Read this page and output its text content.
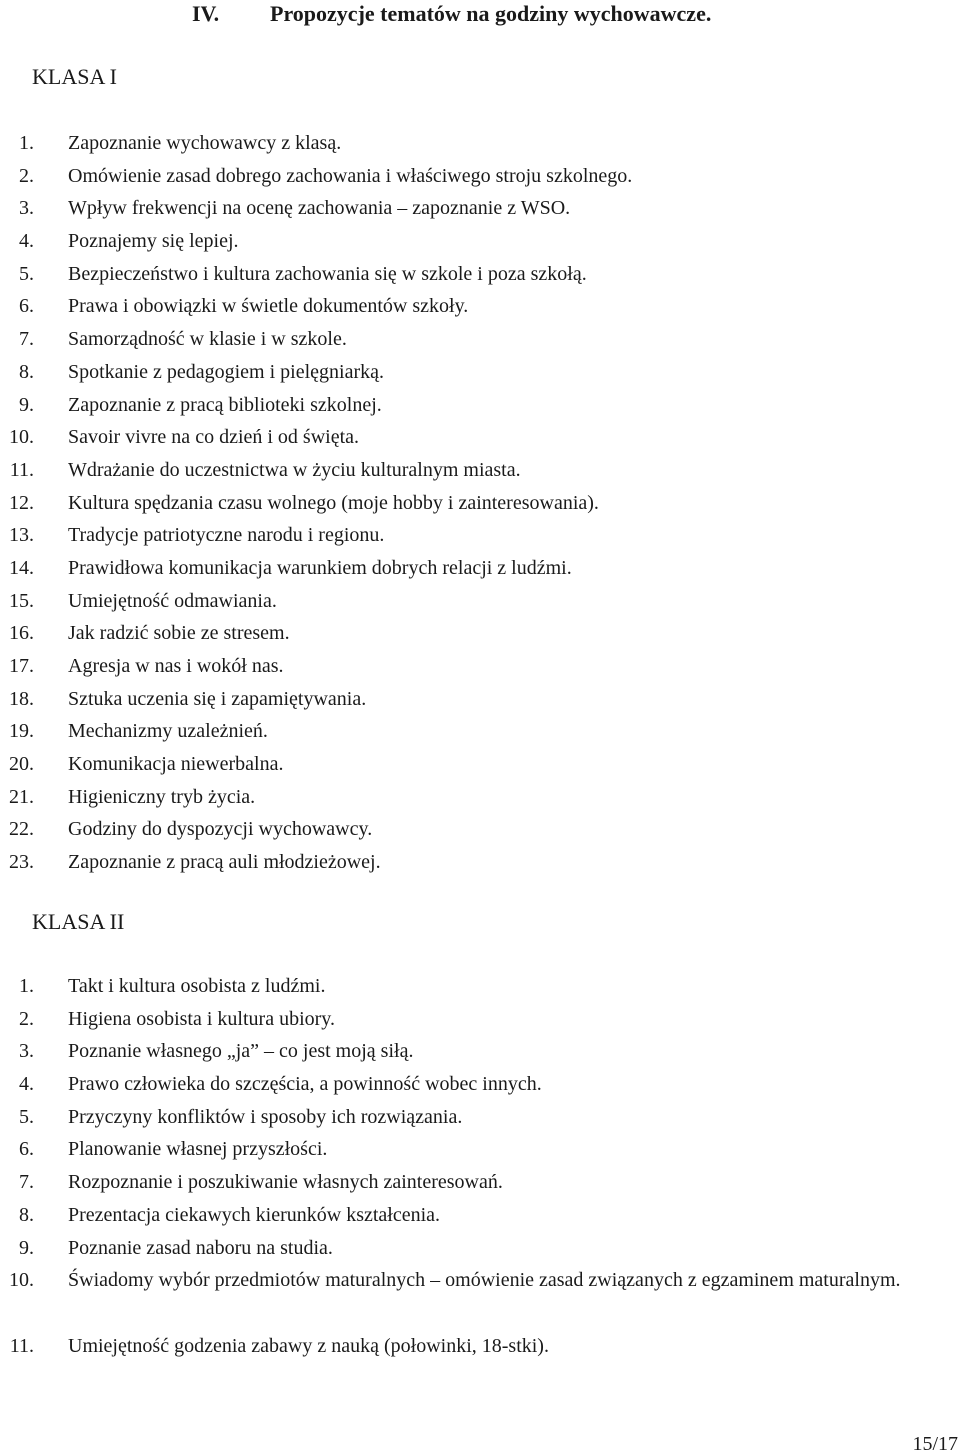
IV. Propozycje tematów na godziny wychowawcze.
KLASA I
1. Zapoznanie wychowawcy z klasą.
2. Omówienie zasad dobrego zachowania i właściwego stroju szkolnego.
3. Wpływ frekwencji na ocenę zachowania – zapoznanie z WSO.
4. Poznajemy się lepiej.
5. Bezpieczeństwo i kultura zachowania się w szkole i poza szkołą.
6. Prawa i obowiązki w świetle dokumentów szkoły.
7. Samorządność w klasie i w szkole.
8. Spotkanie z pedagogiem i pielęgniarką.
9. Zapoznanie z pracą biblioteki szkolnej.
10. Savoir vivre na co dzień i od święta.
11. Wdrażanie do uczestnictwa w życiu kulturalnym miasta.
12. Kultura spędzania czasu wolnego (moje hobby i zainteresowania).
13. Tradycje patriotyczne narodu i regionu.
14. Prawidłowa komunikacja warunkiem dobrych relacji z ludźmi.
15. Umiejętność odmawiania.
16. Jak radzić sobie ze stresem.
17. Agresja w nas i wokół nas.
18. Sztuka uczenia się i zapamiętywania.
19. Mechanizmy uzależnień.
20. Komunikacja niewerbalna.
21. Higieniczny tryb życia.
22. Godziny do dyspozycji wychowawcy.
23. Zapoznanie z pracą auli młodzieżowej.
KLASA II
1. Takt i kultura osobista z ludźmi.
2. Higiena osobista i kultura ubiory.
3. Poznanie własnego „ja” – co jest moją siłą.
4. Prawo człowieka do szczęścia, a powinność wobec innych.
5. Przyczyny konfliktów i sposoby ich rozwiązania.
6. Planowanie własnej przyszłości.
7. Rozpoznanie i poszukiwanie własnych zainteresowań.
8. Prezentacja ciekawych kierunków kształcenia.
9. Poznanie zasad naboru na studia.
10. Świadomy wybór przedmiotów maturalnych – omówienie zasad związanych z egzaminem maturalnym.
11. Umiejętność godzenia zabawy z nauką (połowinki, 18-stki).
15/17
